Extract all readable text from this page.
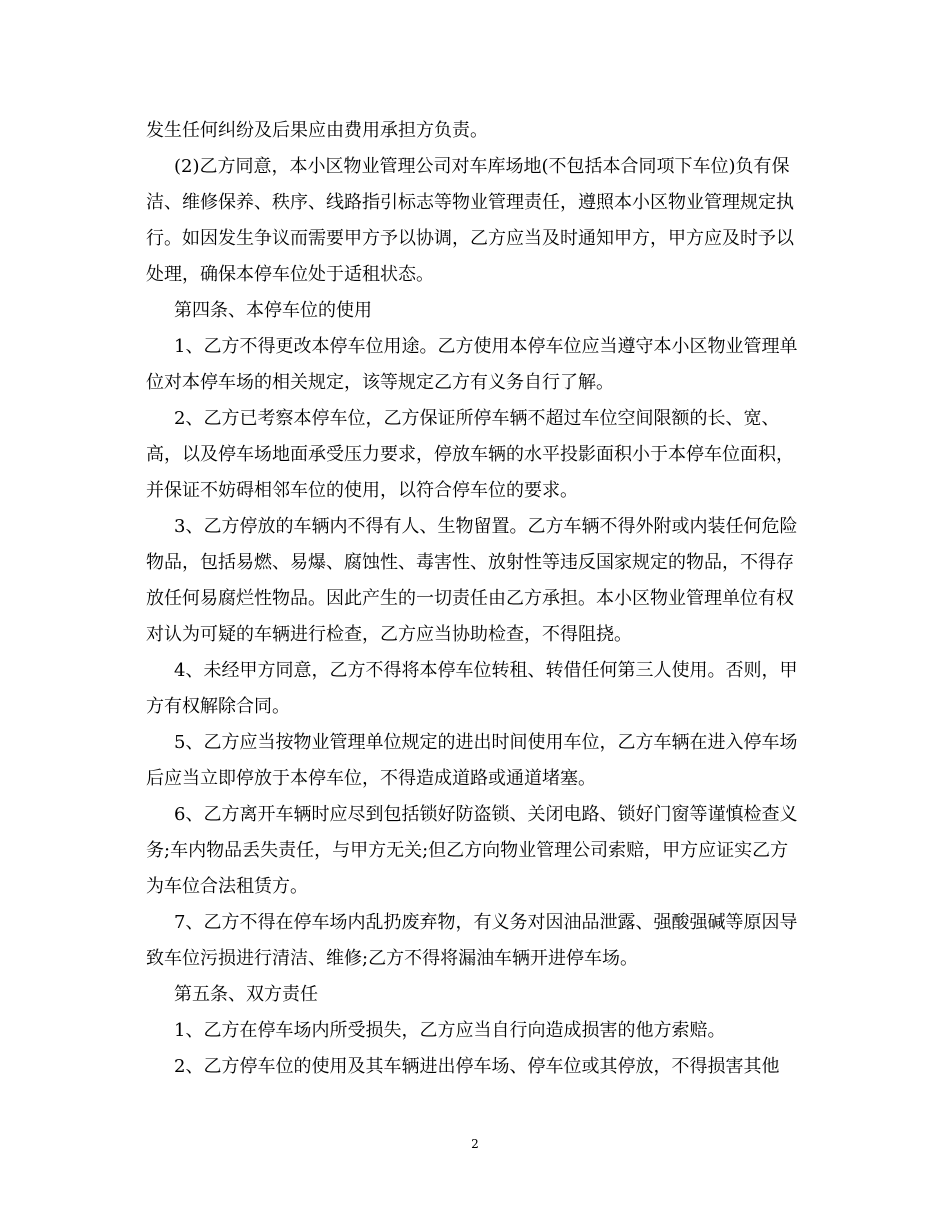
发生任何纠纷及后果应由费用承担方负责。

(2)乙方同意，本小区物业管理公司对车库场地(不包括本合同项下车位)负有保洁、维修保养、秩序、线路指引标志等物业管理责任，遵照本小区物业管理规定执行。如因发生争议而需要甲方予以协调，乙方应当及时通知甲方，甲方应及时予以处理，确保本停车位处于适租状态。

第四条、本停车位的使用

1、乙方不得更改本停车位用途。乙方使用本停车位应当遵守本小区物业管理单位对本停车场的相关规定，该等规定乙方有义务自行了解。

2、乙方已考察本停车位，乙方保证所停车辆不超过车位空间限额的长、宽、高，以及停车场地面承受压力要求，停放车辆的水平投影面积小于本停车位面积，并保证不妨碍相邻车位的使用，以符合停车位的要求。

3、乙方停放的车辆内不得有人、生物留置。乙方车辆不得外附或内装任何危险物品，包括易燃、易爆、腐蚀性、毒害性、放射性等违反国家规定的物品，不得存放任何易腐烂性物品。因此产生的一切责任由乙方承担。本小区物业管理单位有权对认为可疑的车辆进行检查，乙方应当协助检查，不得阻挠。

4、未经甲方同意，乙方不得将本停车位转租、转借任何第三人使用。否则，甲方有权解除合同。

5、乙方应当按物业管理单位规定的进出时间使用车位，乙方车辆在进入停车场后应当立即停放于本停车位，不得造成道路或通道堵塞。

6、乙方离开车辆时应尽到包括锁好防盗锁、关闭电路、锁好门窗等谨慎检查义务;车内物品丢失责任，与甲方无关;但乙方向物业管理公司索赔，甲方应证实乙方为车位合法租赁方。

7、乙方不得在停车场内乱扔废弃物，有义务对因油品泄露、强酸强碱等原因导致车位污损进行清洁、维修;乙方不得将漏油车辆开进停车场。

第五条、双方责任

1、乙方在停车场内所受损失，乙方应当自行向造成损害的他方索赔。

2、乙方停车位的使用及其车辆进出停车场、停车位或其停放，不得损害其他

2
